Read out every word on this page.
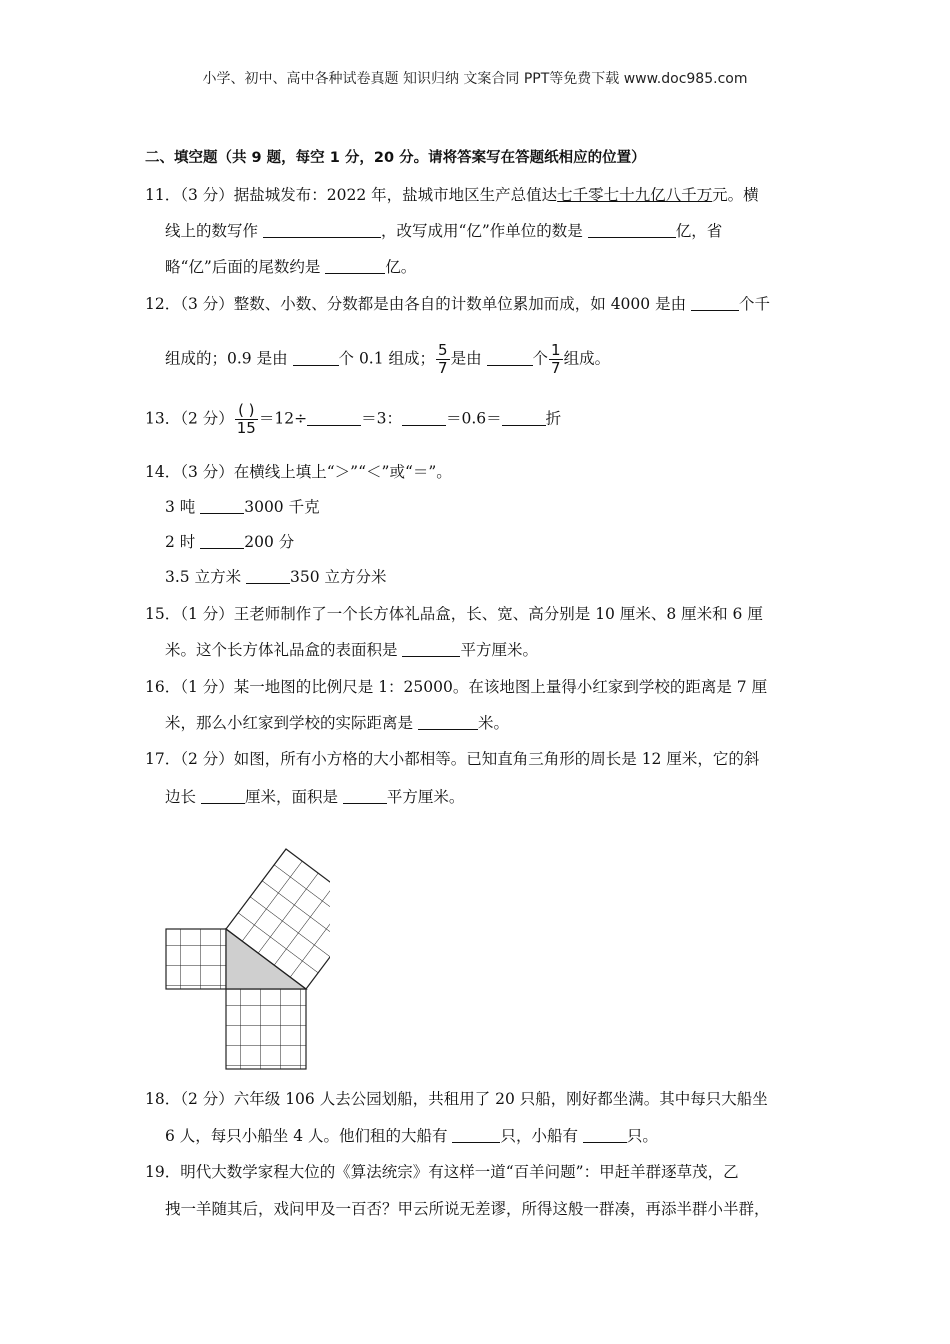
小学、初中、高中各种试卷真题 知识归纳 文案合同 PPT等免费下载 www.doc985.com
二、填空题（共 9 题，每空 1 分，20 分。请将答案写在答题纸相应的位置）
11．（3 分）据盐城发布：2022 年，盐城市地区生产总值达七千零七十九亿八千万元。横
线上的数写作	，改写成用“亿”作单位的数是	亿，省
略“亿”后面的尾数约是	亿。
12．（3 分）整数、小数、分数都是由各自的计数单位累加而成，如 4000 是由	个千
组成的；0.9 是由	个 0.1 组成； $\frac{5}{7}$ 是由	个 $\frac{1}{7}$ 组成。
13．（2 分） $\frac{( )}{15} =12\div$	＝3：	＝0.6＝	折
14．（3 分）在横线上填上“＞”“＜”或“＝”。
3 吨	3000 千克
2 时	200 分
3.5 立方米	350 立方分米
15．（1 分）王老师制作了一个长方体礼品盒，长、宽、高分别是 10 厘米、8 厘米和 6 厘
米。这个长方体礼品盒的表面积是	平方厘米。
16．（1 分）某一地图的比例尺是 1：25000。在该地图上量得小红家到学校的距离是 7 厘
米，那么小红家到学校的实际距离是	米。
17．（2 分）如图，所有小方格的大小都相等。已知直角三角形的周长是 12 厘米，它的斜
边长	厘米，面积是	平方厘米。
18．（2 分）六年级 106 人去公园划船，共租用了 20 只船，刚好都坐满。其中每只大船坐
6 人，每只小船坐 4 人。他们租的大船有	只，小船有	只。
19．明代大数学家程大位的《算法统宗》有这样一道“百羊问题”：甲赶羊群逐草茂，乙
拽一羊随其后，戏问甲及一百否？甲云所说无差谬，所得这般一群凑，再添半群小半群，
